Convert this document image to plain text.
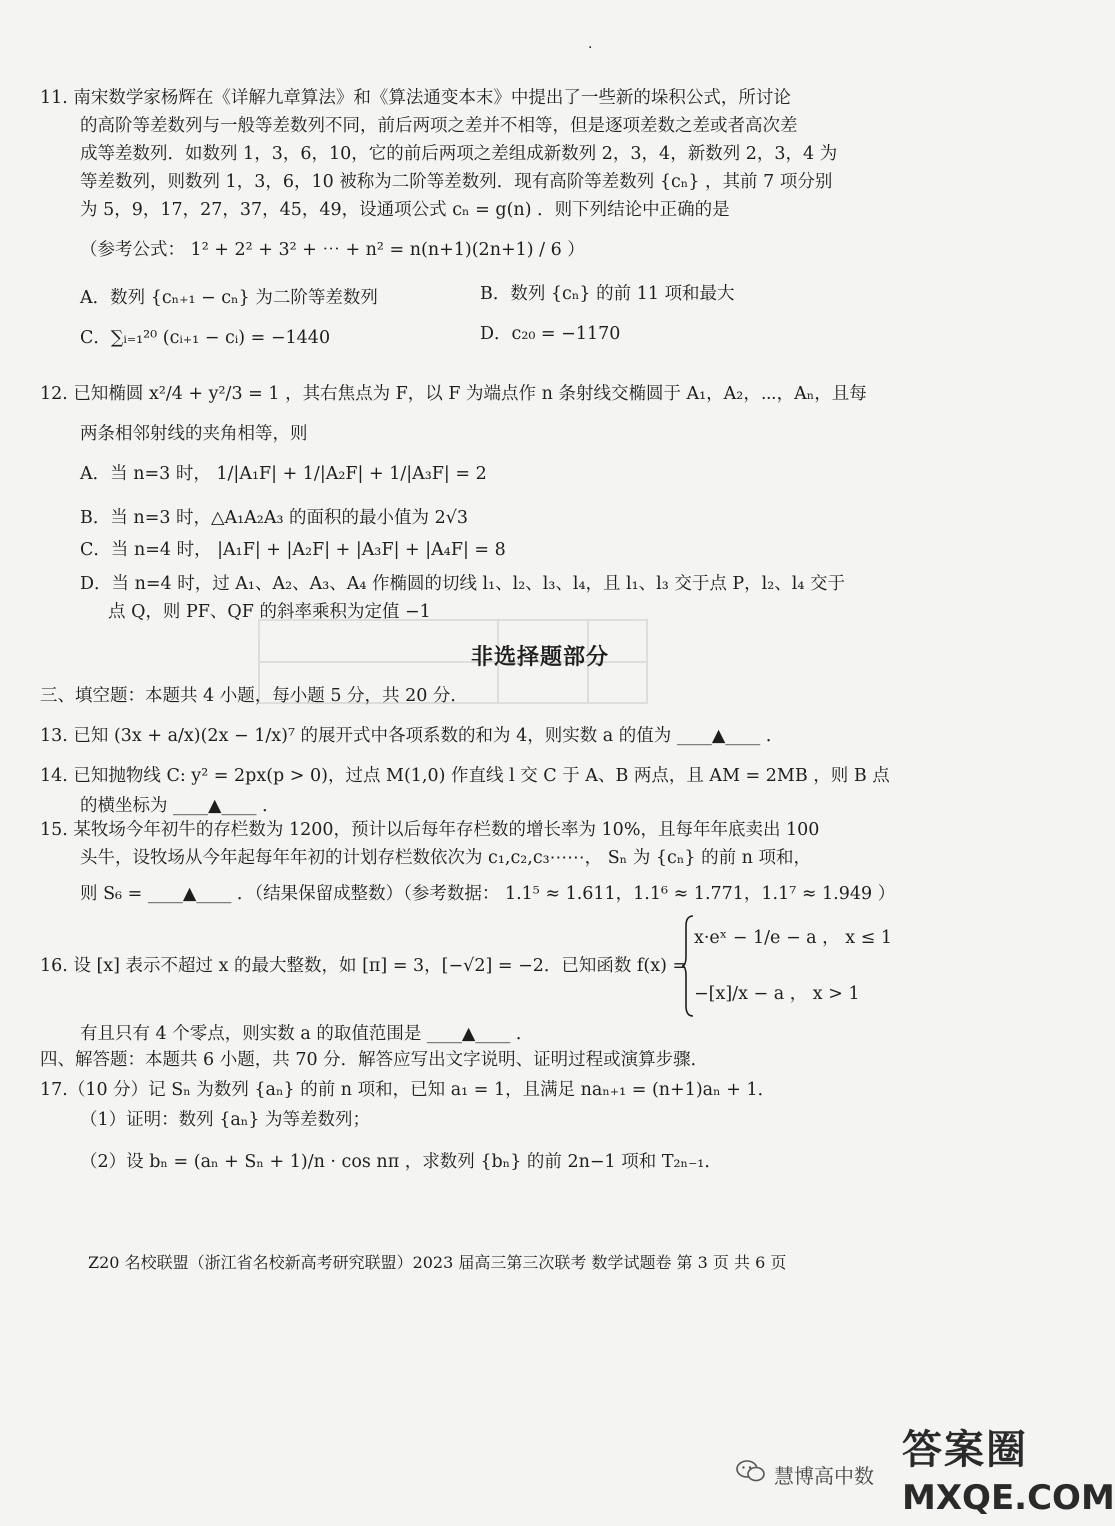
·
11. 南宋数学家杨辉在《详解九章算法》和《算法通变本末》中提出了一些新的垛积公式，所讨论
的高阶等差数列与一般等差数列不同，前后两项之差并不相等，但是逐项差数之差或者高次差
成等差数列．如数列 1，3，6，10，它的前后两项之差组成新数列 2，3，4，新数列 2，3，4 为
等差数列，则数列 1，3，6，10 被称为二阶等差数列．现有高阶等差数列 {cₙ} ，其前 7 项分别
为 5，9，17，27，37，45，49，设通项公式 cₙ = g(n) ．则下列结论中正确的是
（参考公式： 1² + 2² + 3² + ⋯ + n² = n(n+1)(2n+1) / 6 ）
A．数列 {cₙ₊₁ − cₙ} 为二阶等差数列	B．数列 {cₙ} 的前 11 项和最大
C．∑ᵢ₌₁²⁰ (cᵢ₊₁ − cᵢ) = −1440	D．c₂₀ = −1170
12. 已知椭圆 x²/4 + y²/3 = 1 ，其右焦点为 F，以 F 为端点作 n 条射线交椭圆于 A₁，A₂，⋯，Aₙ，且每
两条相邻射线的夹角相等，则
A．当 n=3 时， 1/|A₁F| + 1/|A₂F| + 1/|A₃F| = 2
B．当 n=3 时，△A₁A₂A₃ 的面积的最小值为 2√3
C．当 n=4 时， |A₁F| + |A₂F| + |A₃F| + |A₄F| = 8
D．当 n=4 时，过 A₁、A₂、A₃、A₄ 作椭圆的切线 l₁、l₂、l₃、l₄，且 l₁、l₃ 交于点 P，l₂、l₄ 交于
点 Q，则 PF、QF 的斜率乘积为定值 −1
非选择题部分
三、填空题：本题共 4 小题，每小题 5 分，共 20 分．
13. 已知 (3x + a/x)(2x − 1/x)⁷ 的展开式中各项系数的和为 4，则实数 a 的值为 ____▲____ ．
14. 已知抛物线 C: y² = 2px(p > 0)，过点 M(1,0) 作直线 l 交 C 于 A、B 两点，且 AM = 2MB ，则 B 点
的横坐标为 ____▲____ ．
15. 某牧场今年初牛的存栏数为 1200，预计以后每年存栏数的增长率为 10%，且每年年底卖出 100
头牛，设牧场从今年起每年年初的计划存栏数依次为 c₁,c₂,c₃⋯⋯， Sₙ 为 {cₙ} 的前 n 项和，
则 S₆ = ____▲____ ．（结果保留成整数）（参考数据： 1.1⁵ ≈ 1.611，1.1⁶ ≈ 1.771，1.1⁷ ≈ 1.949 ）
16. 设 [x] 表示不超过 x 的最大整数，如 [π] = 3，[−√2] = −2．已知函数 f(x) =
x·eˣ − 1/e − a ， x ≤ 1
−[x]/x − a ， x > 1
有且只有 4 个零点，则实数 a 的取值范围是 ____▲____ ．
四、解答题：本题共 6 小题，共 70 分．解答应写出文字说明、证明过程或演算步骤．
17.（10 分）记 Sₙ 为数列 {aₙ} 的前 n 项和，已知 a₁ = 1，且满足 naₙ₊₁ = (n+1)aₙ + 1．
（1）证明：数列 {aₙ} 为等差数列；
（2）设 bₙ = (aₙ + Sₙ + 1)/n · cos nπ ，求数列 {bₙ} 的前 2n−1 项和 T₂ₙ₋₁．
Z20 名校联盟（浙江省名校新高考研究联盟）2023 届高三第三次联考 数学试题卷 第 3 页 共 6 页
慧博高中数
答案圈
MXQE.COM
